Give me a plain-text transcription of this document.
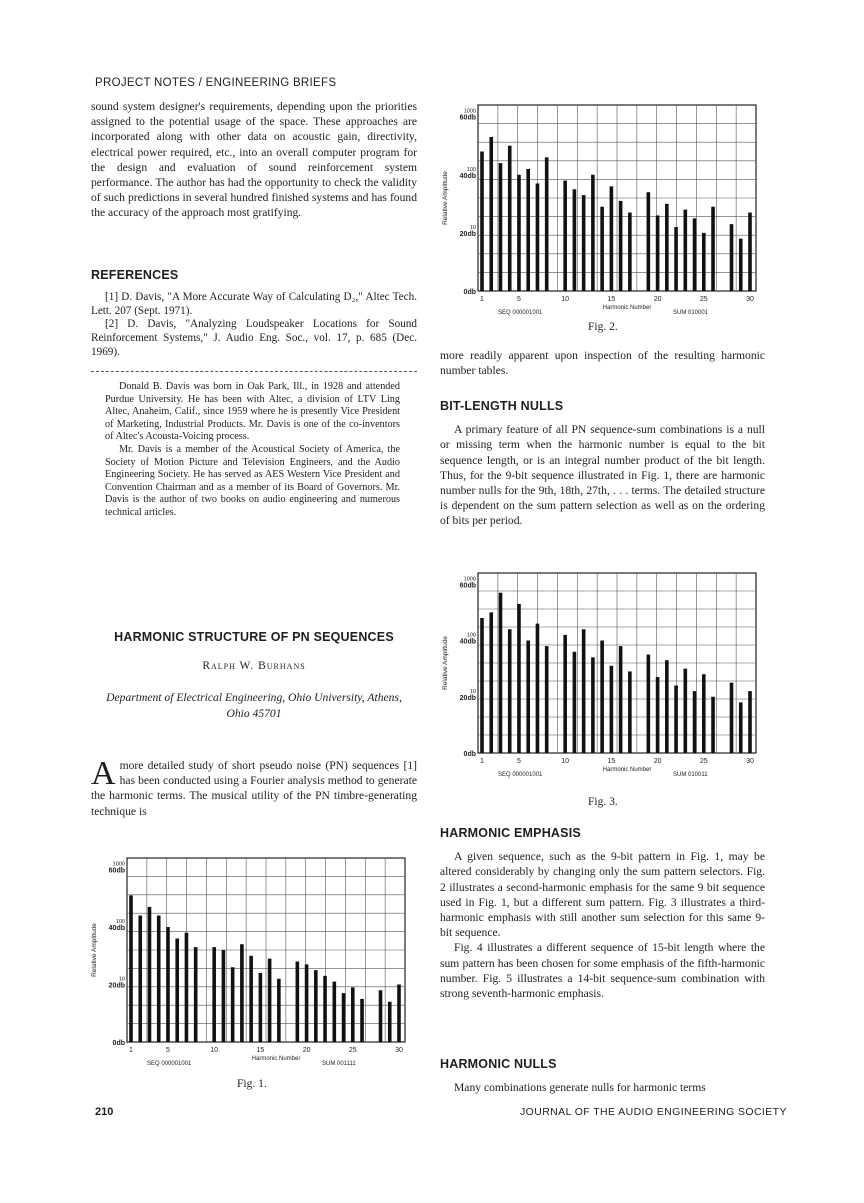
PROJECT NOTES / ENGINEERING BRIEFS

sound system designer's requirements, depending upon the priorities assigned to the potential usage of the space. These approaches are incorporated along with other data on acoustic gain, directivity, electrical power required, etc., into an overall computer program for the design and evaluation of sound reinforcement system performance. The author has had the opportunity to check the validity of such predictions in several hundred finished systems and has found the accuracy of the approach most gratifying.

REFERENCES

[1] D. Davis, "A More Accurate Way of Calculating D₂," Altec Tech. Lett. 207 (Sept. 1971).

[2] D. Davis, "Analyzing Loudspeaker Locations for Sound Reinforcement Systems," J. Audio Eng. Soc., vol. 17, p. 685 (Dec. 1969).

Donald B. Davis was born in Oak Park, Ill., in 1928 and attended Purdue University. He has been with Altec, a division of LTV Ling Altec, Anaheim, Calif., since 1959 where he is presently Vice President of Marketing, Industrial Products. Mr. Davis is one of the co-inventors of Altec's Acousta-Voicing process.

Mr. Davis is a member of the Acoustical Society of America, the Society of Motion Picture and Television Engineers, and the Audio Engineering Society. He has served as AES Western Vice President and Convention Chairman and as a member of its Board of Governors. Mr. Davis is the author of two books on audio engineering and numerous technical articles.

HARMONIC STRUCTURE OF PN SEQUENCES

Ralph W. Burhans

Department of Electrical Engineering, Ohio University, Athens, Ohio 45701

A more detailed study of short pseudo noise (PN) sequences [1] has been conducted using a Fourier analysis method to generate the harmonic terms. The musical utility of the PN timbre-generating technique is

0db
20db
10
40db
100
60db
1000
1	5	10	15	20	25	30
Harmonic Number
Relative Amplitude
SEQ 000001001	SUM 001111
Fig. 1.
0db
20db
10
40db
100
60db
1000
1	5	10	15	20	25	30
Harmonic Number
Relative Amplitude
SEQ 000001001	SUM 010001
Fig. 2.

more readily apparent upon inspection of the resulting harmonic number tables.

BIT-LENGTH NULLS

A primary feature of all PN sequence-sum combinations is a null or missing term when the harmonic number is equal to the bit sequence length, or is an integral number product of the bit length. Thus, for the 9-bit sequence illustrated in Fig. 1, there are harmonic number nulls for the 9th, 18th, 27th, . . . terms. The detailed structure is dependent on the sum pattern selection as well as on the ordering of bits per period.

0db
20db
10
40db
100
60db
1000
1	5	10	15	20	25	30
Harmonic Number
Relative Amplitude
SEQ 000001001	SUM 010011
Fig. 3.

HARMONIC EMPHASIS

A given sequence, such as the 9-bit pattern in Fig. 1, may be altered considerably by changing only the sum pattern selectors. Fig. 2 illustrates a second-harmonic emphasis for the same 9 bit sequence used in Fig. 1, but a different sum pattern. Fig. 3 illustrates a third-harmonic emphasis with still another sum selection for this same 9-bit sequence.

Fig. 4 illustrates a different sequence of 15-bit length where the sum pattern has been chosen for some emphasis of the fifth-harmonic number. Fig. 5 illustrates a 14-bit sequence-sum combination with strong seventh-harmonic emphasis.

HARMONIC NULLS

Many combinations generate nulls for harmonic terms

210	JOURNAL OF THE AUDIO ENGINEERING SOCIETY
